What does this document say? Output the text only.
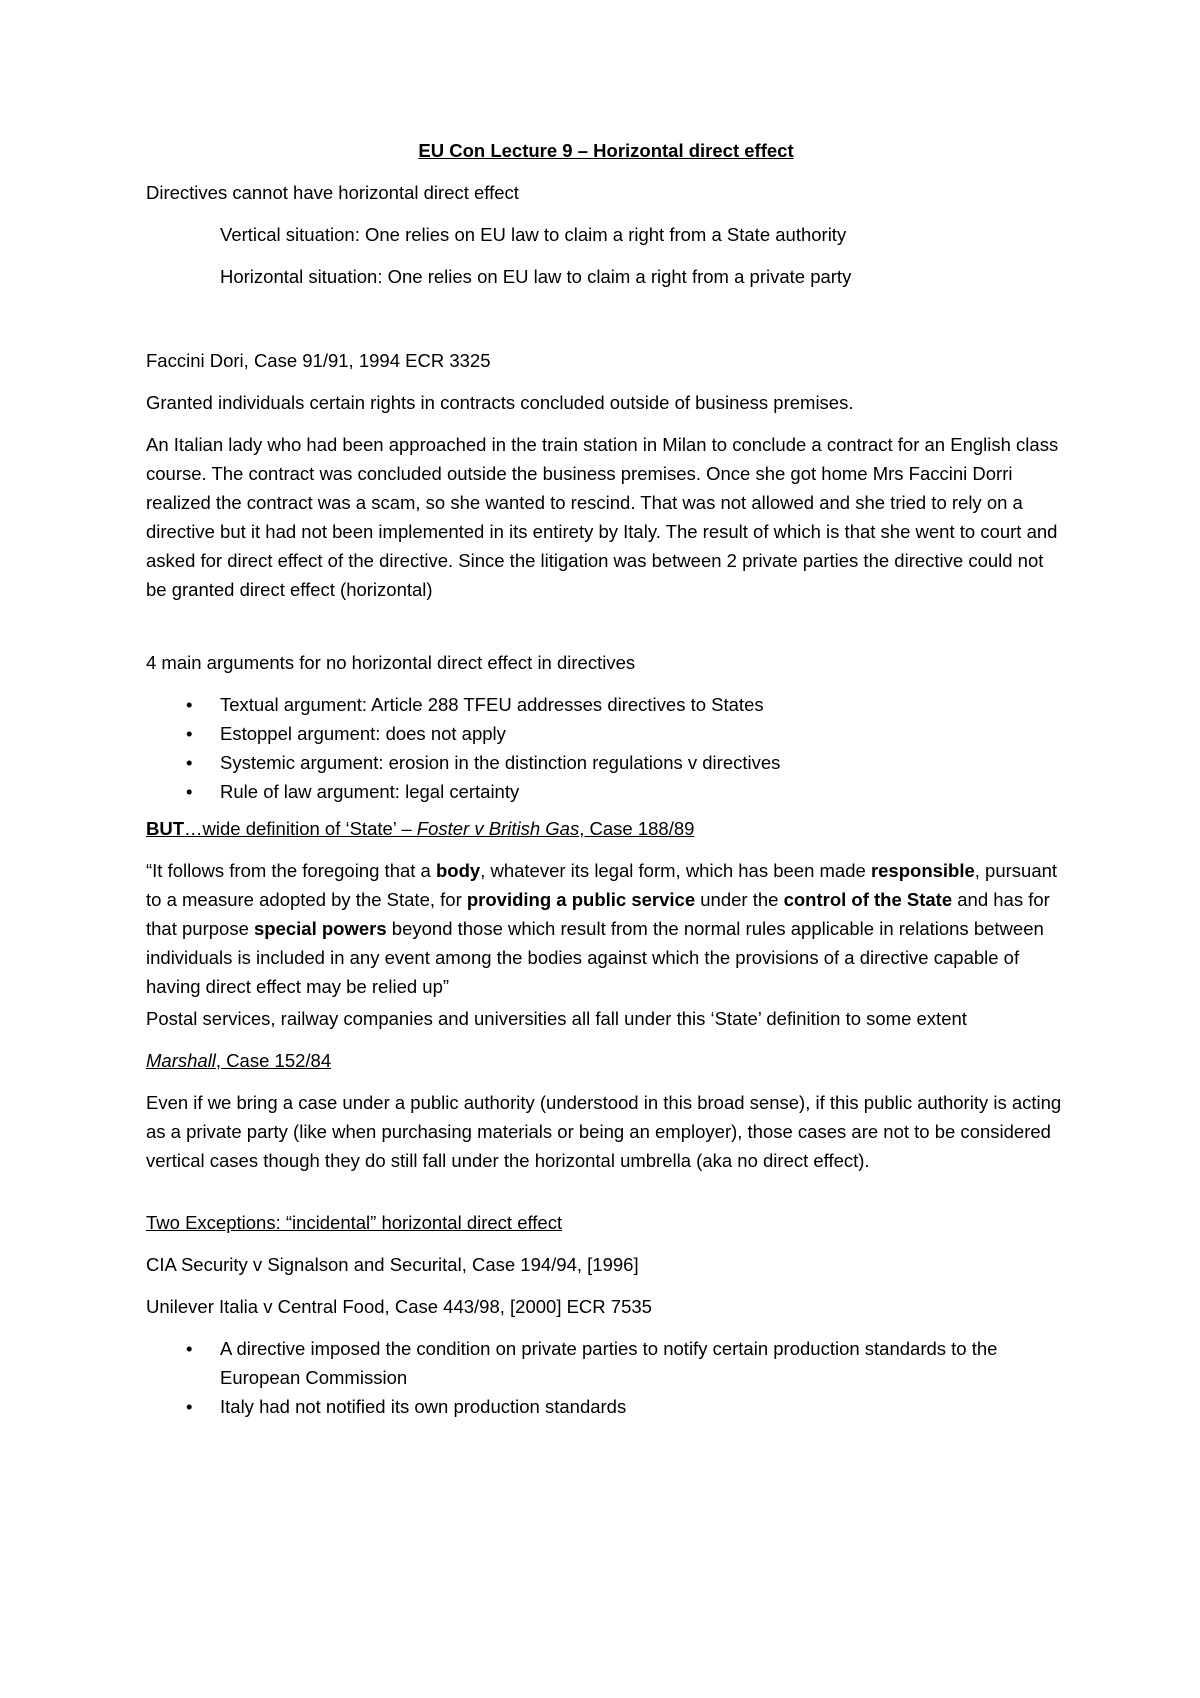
EU Con Lecture 9 – Horizontal direct effect

Directives cannot have horizontal direct effect

Vertical situation: One relies on EU law to claim a right from a State authority

Horizontal situation: One relies on EU law to claim a right from a private party

Faccini Dori, Case 91/91, 1994 ECR 3325

Granted individuals certain rights in contracts concluded outside of business premises.

An Italian lady who had been approached in the train station in Milan to conclude a contract for an English class course. The contract was concluded outside the business premises. Once she got home Mrs Faccini Dorri realized the contract was a scam, so she wanted to rescind. That was not allowed and she tried to rely on a directive but it had not been implemented in its entirety by Italy. The result of which is that she went to court and asked for direct effect of the directive. Since the litigation was between 2 private parties the directive could not be granted direct effect (horizontal)

4 main arguments for no horizontal direct effect in directives

• Textual argument: Article 288 TFEU addresses directives to States
• Estoppel argument: does not apply
• Systemic argument: erosion in the distinction regulations v directives
• Rule of law argument: legal certainty

BUT…wide definition of ‘State’ – Foster v British Gas, Case 188/89

“It follows from the foregoing that a body, whatever its legal form, which has been made responsible, pursuant to a measure adopted by the State, for providing a public service under the control of the State and has for that purpose special powers beyond those which result from the normal rules applicable in relations between individuals is included in any event among the bodies against which the provisions of a directive capable of having direct effect may be relied up”

Postal services, railway companies and universities all fall under this ‘State’ definition to some extent

Marshall, Case 152/84

Even if we bring a case under a public authority (understood in this broad sense), if this public authority is acting as a private party (like when purchasing materials or being an employer), those cases are not to be considered vertical cases though they do still fall under the horizontal umbrella (aka no direct effect).

Two Exceptions: “incidental” horizontal direct effect

CIA Security v Signalson and Securital, Case 194/94, [1996]

Unilever Italia v Central Food, Case 443/98, [2000] ECR 7535

• A directive imposed the condition on private parties to notify certain production standards to the European Commission
• Italy had not notified its own production standards
